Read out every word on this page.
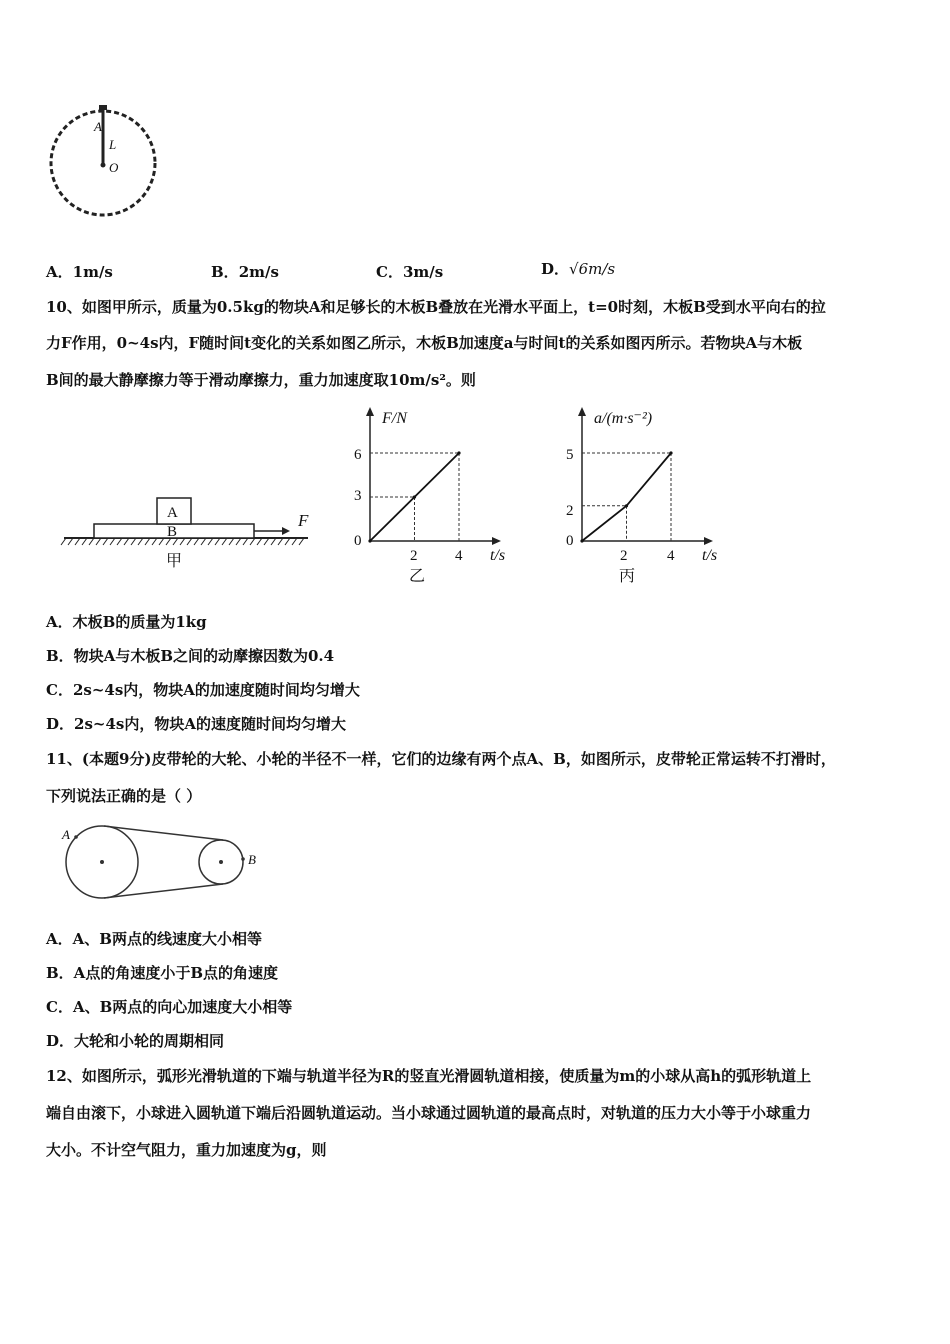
A
L
O
A．1m/s	B．2m/s	C．3m/s	D．√6m/s
10、如图甲所示，质量为0.5kg的物块A和足够长的木板B叠放在光滑水平面上，t=0时刻，木板B受到水平向右的拉
力F作用，0~4s内，F随时间t变化的关系如图乙所示，木板B加速度a与时间t的关系如图丙所示。若物块A与木板
B间的最大静摩擦力等于滑动摩擦力，重力加速度取10m/s²。则
A
B
F
甲
F/N
t/s
0
3
6
2	4
乙
a/(m·s⁻²)
t/s
0
2
5
2	4
丙
A．木板B的质量为1kg
B．物块A与木板B之间的动摩擦因数为0.4
C．2s~4s内，物块A的加速度随时间均匀增大
D．2s~4s内，物块A的速度随时间均匀增大
11、(本题9分)皮带轮的大轮、小轮的半径不一样，它们的边缘有两个点A、B，如图所示，皮带轮正常运转不打滑时，
下列说法正确的是（ ）
A
B
A．A、B两点的线速度大小相等
B．A点的角速度小于B点的角速度
C．A、B两点的向心加速度大小相等
D．大轮和小轮的周期相同
12、如图所示，弧形光滑轨道的下端与轨道半径为R的竖直光滑圆轨道相接，使质量为m的小球从高h的弧形轨道上
端自由滚下，小球进入圆轨道下端后沿圆轨道运动。当小球通过圆轨道的最高点时，对轨道的压力大小等于小球重力
大小。不计空气阻力，重力加速度为g，则
